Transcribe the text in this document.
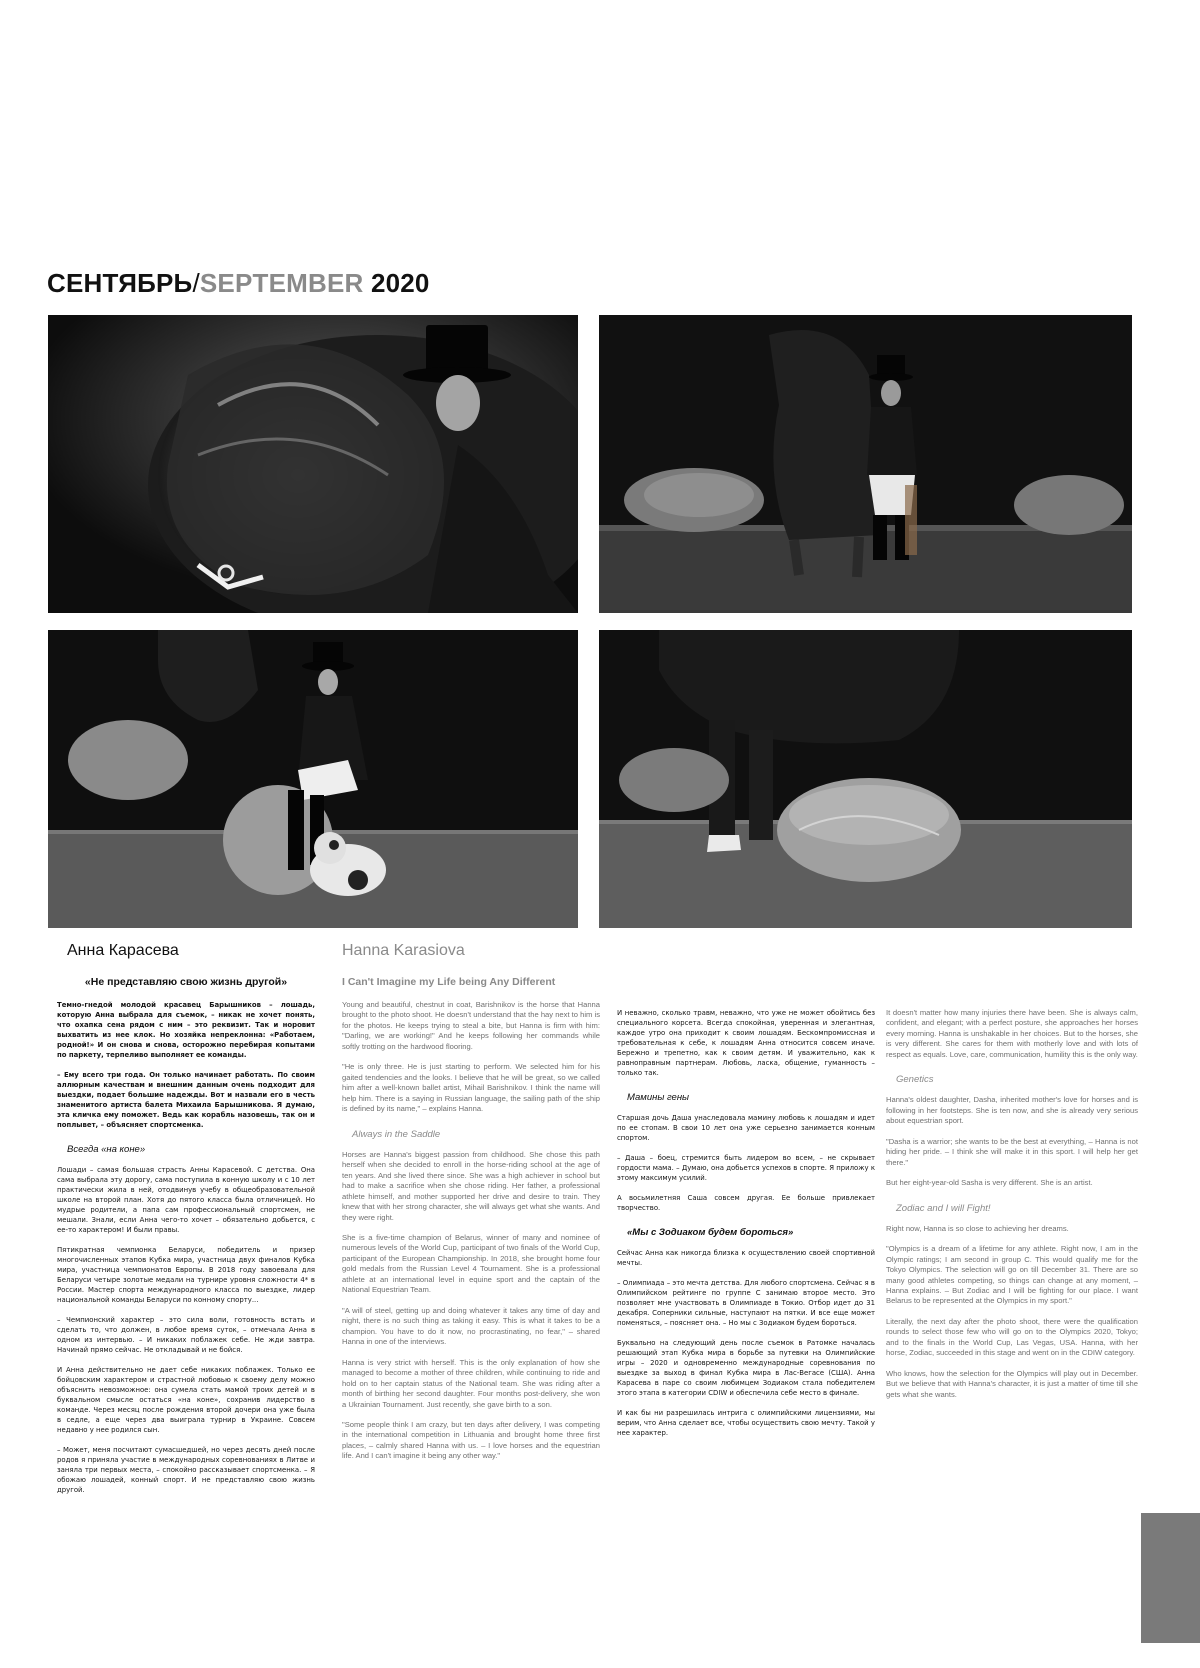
СЕНТЯБРЬ/SEPTEMBER 2020
Анна Карасева
«Не представляю свою жизнь другой»

Темно-гнедой молодой красавец Барышников – лошадь, которую Анна выбрала для съемок, – никак не хочет понять, что охапка сена рядом с ним – это реквизит. Так и норовит выхватить из нее клок. Но хозяйка непреклонна: «Работаем, родной!» И он снова и снова, осторожно перебирая копытами по паркету, терпеливо выполняет ее команды.

– Ему всего три года. Он только начинает работать. По своим аллюрным качествам и внешним данным очень подходит для выездки, подает большие надежды. Вот и назвали его в честь знаменитого артиста балета Михаила Барышникова. Я думаю, эта кличка ему поможет. Ведь как корабль назовешь, так он и поплывет, – объясняет спортсменка.

Всегда «на коне»

Лошади – самая большая страсть Анны Карасевой. С детства. Она сама выбрала эту дорогу, сама поступила в конную школу и с 10 лет практически жила в ней, отодвинув учебу в общеобразовательной школе на второй план. Хотя до пятого класса была отличницей. Но мудрые родители, а папа сам профессиональный спортсмен, не мешали. Знали, если Анна чего-то хочет – обязательно добьется, с ее-то характером! И были правы.

Пятикратная чемпионка Беларуси, победитель и призер многочисленных этапов Кубка мира, участница двух финалов Кубка мира, участница чемпионатов Европы. В 2018 году завоевала для Беларуси четыре золотые медали на турнире уровня сложности 4* в России. Мастер спорта международного класса по выездке, лидер национальной команды Беларуси по конному спорту...

– Чемпионский характер – это сила воли, готовность встать и сделать то, что должен, в любое время суток, – отмечала Анна в одном из интервью. – И никаких поблажек себе. Не жди завтра. Начинай прямо сейчас. Не откладывай и не бойся.

И Анна действительно не дает себе никаких поблажек. Только ее бойцовским характером и страстной любовью к своему делу можно объяснить невозможное: она сумела стать мамой троих детей и в буквальном смысле остаться «на коне», сохранив лидерство в команде. Через месяц после рождения второй дочери она уже была в седле, а еще через два выиграла турнир в Украине. Совсем недавно у нее родился сын.

– Может, меня посчитают сумасшедшей, но через десять дней после родов я приняла участие в международных соревнованиях в Литве и заняла три первых места, – спокойно рассказывает спортсменка. – Я обожаю лошадей, конный спорт. И не представляю свою жизнь другой.

Hanna Karasiova
I Can't Imagine my Life being Any Different

Young and beautiful, chestnut in coat, Barishnikov is the horse that Hanna brought to the photo shoot. He doesn't understand that the hay next to him is for the photos. He keeps trying to steal a bite, but Hanna is firm with him: "Darling, we are working!" And he keeps following her commands while softly trotting on the hardwood flooring.

"He is only three. He is just starting to perform. We selected him for his gaited tendencies and the looks. I believe that he will be great, so we called him after a well-known ballet artist, Mihail Barishnikov. I think the name will help him. There is a saying in Russian language, the sailing path of the ship is defined by its name," – explains Hanna.

Always in the Saddle

Horses are Hanna's biggest passion from childhood. She chose this path herself when she decided to enroll in the horse-riding school at the age of ten years. And she lived there since. She was a high achiever in school but had to make a sacrifice when she chose riding. Her father, a professional athlete himself, and mother supported her drive and desire to train. They knew that with her strong character, she will always get what she wants. And they were right.

She is a five-time champion of Belarus, winner of many and nominee of numerous levels of the World Cup, participant of two finals of the World Cup, participant of the European Championship. In 2018, she brought home four gold medals from the Russian Level 4 Tournament. She is a professional athlete at an international level in equine sport and the captain of the National Equestrian Team.

"A will of steel, getting up and doing whatever it takes any time of day and night, there is no such thing as taking it easy. This is what it takes to be a champion. You have to do it now, no procrastinating, no fear," – shared Hanna in one of the interviews.

Hanna is very strict with herself. This is the only explanation of how she managed to become a mother of three children, while continuing to ride and hold on to her captain status of the National team. She was riding after a month of birthing her second daughter. Four months post-delivery, she won a Ukrainian Tournament. Just recently, she gave birth to a son.

"Some people think I am crazy, but ten days after delivery, I was competing in the international competition in Lithuania and brought home three first places, – calmly shared Hanna with us. – I love horses and the equestrian life. And I can't imagine it being any other way."

И неважно, сколько травм, неважно, что уже не может обойтись без специального корсета. Всегда спокойная, уверенная и элегантная, каждое утро она приходит к своим лошадям. Бескомпромиссная и требовательная к себе, к лошадям Анна относится совсем иначе. Бережно и трепетно, как к своим детям. И уважительно, как к равноправным партнерам. Любовь, ласка, общение, гуманность – только так.

Мамины гены

Старшая дочь Даша унаследовала мамину любовь к лошадям и идет по ее стопам. В свои 10 лет она уже серьезно занимается конным спортом.

– Даша – боец, стремится быть лидером во всем, – не скрывает гордости мама. – Думаю, она добьется успехов в спорте. Я приложу к этому максимум усилий.

А восьмилетняя Саша совсем другая. Ее больше привлекает творчество.

«Мы с Зодиаком будем бороться»

Сейчас Анна как никогда близка к осуществлению своей спортивной мечты.

– Олимпиада – это мечта детства. Для любого спортсмена. Сейчас я в Олимпийском рейтинге по группе С занимаю второе место. Это позволяет мне участвовать в Олимпиаде в Токио. Отбор идет до 31 декабря. Соперники сильные, наступают на пятки. И все еще может поменяться, – поясняет она. – Но мы с Зодиаком будем бороться.

Буквально на следующий день после съемок в Ратомке началась решающий этап Кубка мира в борьбе за путевки на Олимпийские игры – 2020 и одновременно международные соревнования по выездке за выход в финал Кубка мира в Лас-Вегасе (США). Анна Карасева в паре со своим любимцем Зодиаком стала победителем этого этапа в категории CDIW и обеспечила себе место в финале.

И как бы ни разрешилась интрига с олимпийскими лицензиями, мы верим, что Анна сделает все, чтобы осуществить свою мечту. Такой у нее характер.

It doesn't matter how many injuries there have been. She is always calm, confident, and elegant; with a perfect posture, she approaches her horses every morning. Hanna is unshakable in her choices. But to the horses, she is very different. She cares for them with motherly love and with lots of respect as equals. Love, care, communication, humility this is the only way.

Genetics

Hanna's oldest daughter, Dasha, inherited mother's love for horses and is following in her footsteps. She is ten now, and she is already very serious about equestrian sport.

"Dasha is a warrior; she wants to be the best at everything, – Hanna is not hiding her pride. – I think she will make it in this sport. I will help her get there."

But her eight-year-old Sasha is very different. She is an artist.

Zodiac and I will Fight!

Right now, Hanna is so close to achieving her dreams.

"Olympics is a dream of a lifetime for any athlete. Right now, I am in the Olympic ratings; I am second in group C. This would qualify me for the Tokyo Olympics. The selection will go on till December 31. There are so many good athletes competing, so things can change at any moment, – Hanna explains. – But Zodiac and I will be fighting for our place. I want Belarus to be represented at the Olympics in my sport."

Literally, the next day after the photo shoot, there were the qualification rounds to select those few who will go on to the Olympics 2020, Tokyo; and to the finals in the World Cup, Las Vegas, USA. Hanna, with her horse, Zodiac, succeeded in this stage and went on in the CDIW category.

Who knows, how the selection for the Olympics will play out in December. But we believe that with Hanna's character, it is just a matter of time till she gets what she wants.
